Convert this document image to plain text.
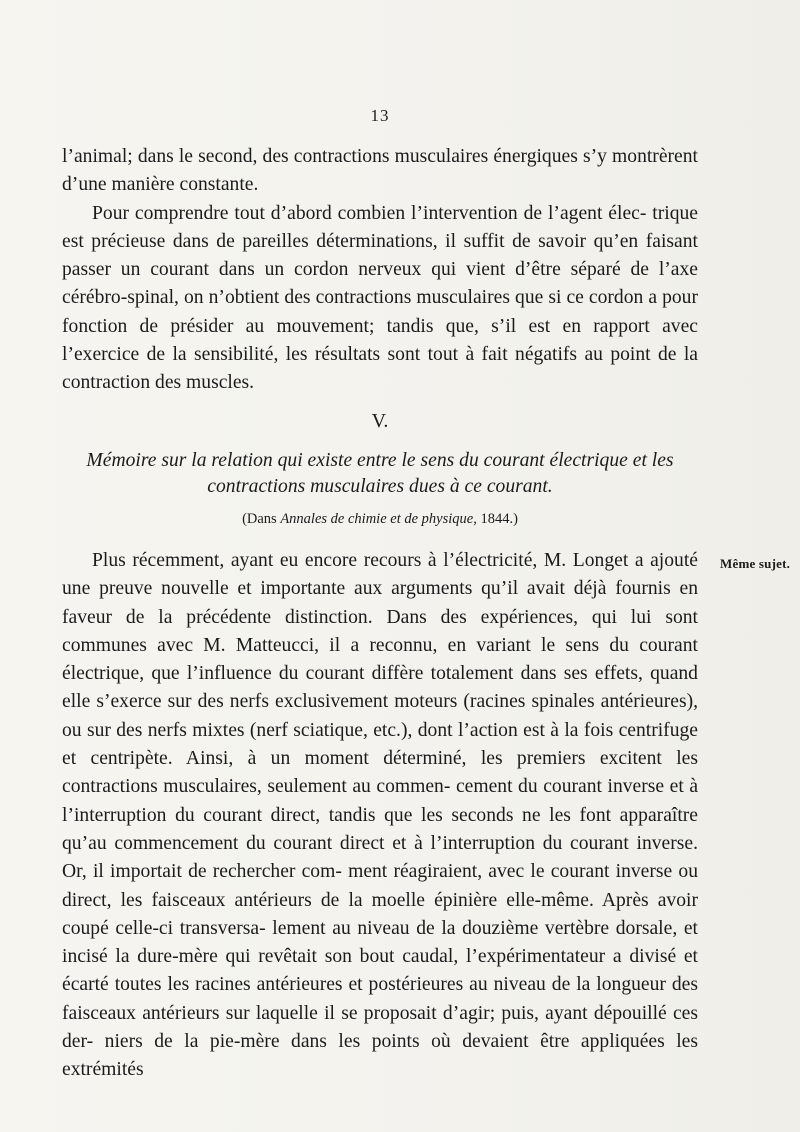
13

l’animal; dans le second, des contractions musculaires énergiques s’y montrèrent d’une manière constante.

Pour comprendre tout d’abord combien l’intervention de l’agent élec- trique est précieuse dans de pareilles déterminations, il suffit de savoir qu’en faisant passer un courant dans un cordon nerveux qui vient d’être séparé de l’axe cérébro-spinal, on n’obtient des contractions musculaires que si ce cordon a pour fonction de présider au mouvement; tandis que, s’il est en rapport avec l’exercice de la sensibilité, les résultats sont tout à fait négatifs au point de la contraction des muscles.

V.
Mémoire sur la relation qui existe entre le sens du courant électrique et les
contractions musculaires dues à ce courant.
(Dans Annales de chimie et de physique, 1844.)
Même sujet.

Plus récemment, ayant eu encore recours à l’électricité, M. Longet a ajouté une preuve nouvelle et importante aux arguments qu’il avait déjà fournis en faveur de la précédente distinction. Dans des expériences, qui lui sont communes avec M. Matteucci, il a reconnu, en variant le sens du courant électrique, que l’influence du courant diffère totalement dans ses effets, quand elle s’exerce sur des nerfs exclusivement moteurs (racines spinales antérieures), ou sur des nerfs mixtes (nerf sciatique, etc.), dont l’action est à la fois centrifuge et centripète. Ainsi, à un moment déterminé, les premiers excitent les contractions musculaires, seulement au commen- cement du courant inverse et à l’interruption du courant direct, tandis que les seconds ne les font apparaître qu’au commencement du courant direct et à l’interruption du courant inverse. Or, il importait de rechercher com- ment réagiraient, avec le courant inverse ou direct, les faisceaux antérieurs de la moelle épinière elle-même. Après avoir coupé celle-ci transversa- lement au niveau de la douzième vertèbre dorsale, et incisé la dure-mère qui revêtait son bout caudal, l’expérimentateur a divisé et écarté toutes les racines antérieures et postérieures au niveau de la longueur des faisceaux antérieurs sur laquelle il se proposait d’agir; puis, ayant dépouillé ces der- niers de la pie-mère dans les points où devaient être appliquées les extrémités
